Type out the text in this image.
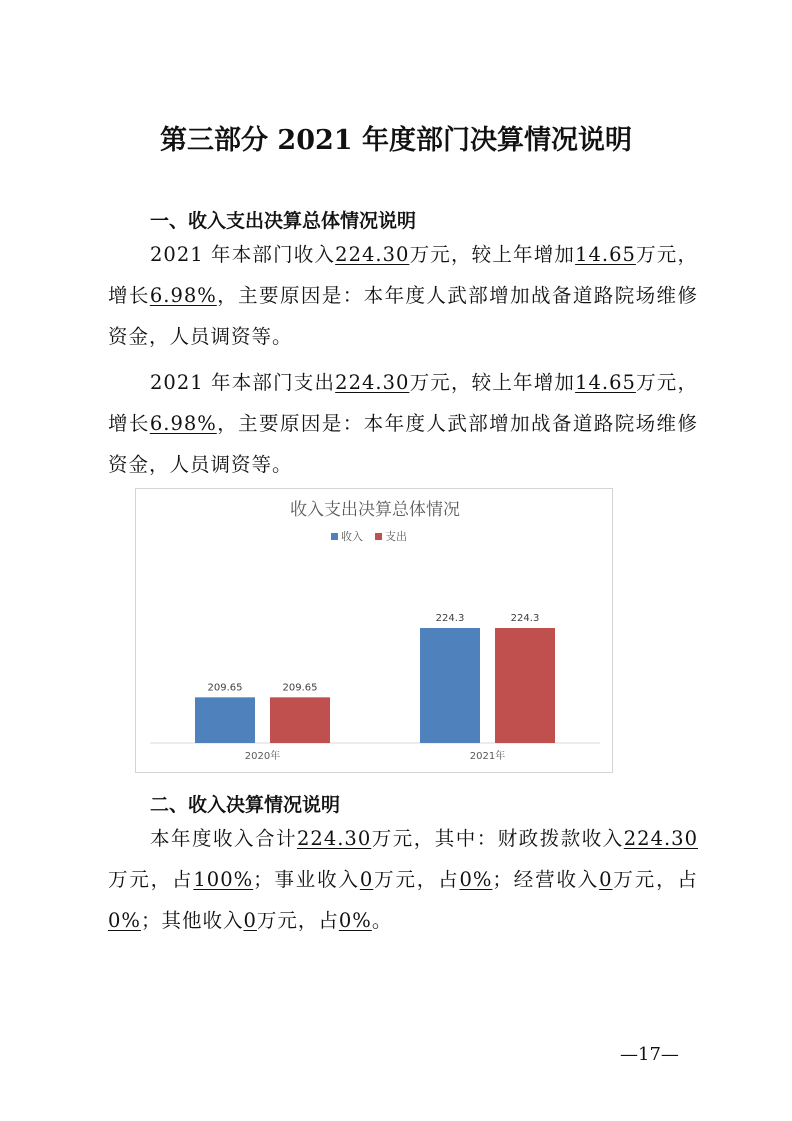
第三部分 2021 年度部门决算情况说明
一、收入支出决算总体情况说明
2021 年本部门收入224.30万元，较上年增加14.65万元，增长6.98%，主要原因是：本年度人武部增加战备道路院场维修资金，人员调资等。
2021 年本部门支出224.30万元，较上年增加14.65万元，增长6.98%，主要原因是：本年度人武部增加战备道路院场维修资金，人员调资等。
收入支出决算总体情况
收入 支出
209.65	209.65
2020年
224.3	224.3
2021年
二、收入决算情况说明
本年度收入合计224.30万元，其中：财政拨款收入224.30万元，占100%；事业收入0万元，占0%；经营收入0万元，占0%；其他收入0万元，占0%。
—17—
